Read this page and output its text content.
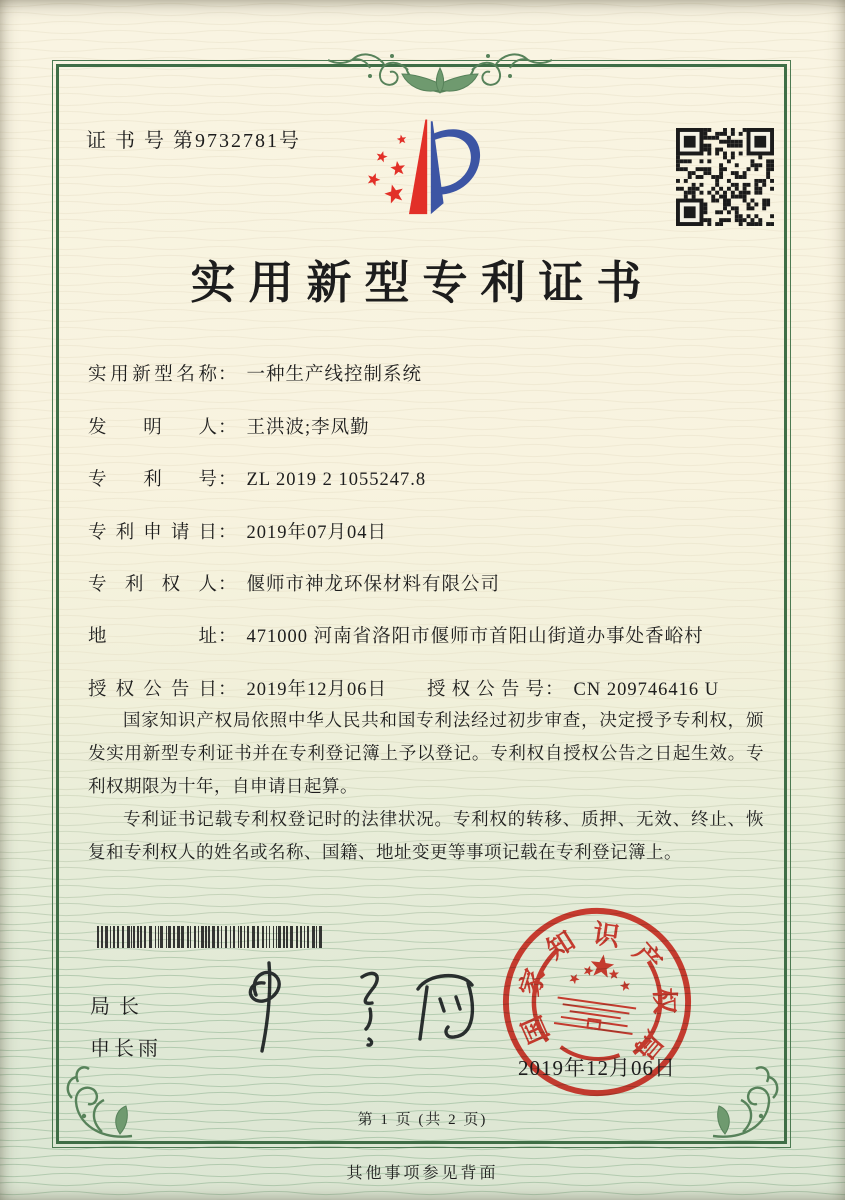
证 书 号 第9732781号
实用新型专利证书
实用新型名称 ： 一种生产线控制系统
发明人 ： 王洪波;李凤勤
专利号 ： ZL 2019 2 1055247.8
专利申请日 ： 2019年07月04日
专利权人 ： 偃师市神龙环保材料有限公司
地址 ： 471000 河南省洛阳市偃师市首阳山街道办事处香峪村
授权公告日 ： 2019年12月06日 授权公告号 ： CN 209746416 U

国家知识产权局依照中华人民共和国专利法经过初步审查，决定授予专利权，颁发实用新型专利证书并在专利登记簿上予以登记。专利权自授权公告之日起生效。专利权期限为十年，自申请日起算。

专利证书记载专利权登记时的法律状况。专利权的转移、质押、无效、终止、恢复和专利权人的姓名或名称、国籍、地址变更等事项记载在专利登记簿上。

局长
申长雨
国
家
知 识
产
权
局
2019年12月06日
第 1 页 (共 2 页)
其他事项参见背面
